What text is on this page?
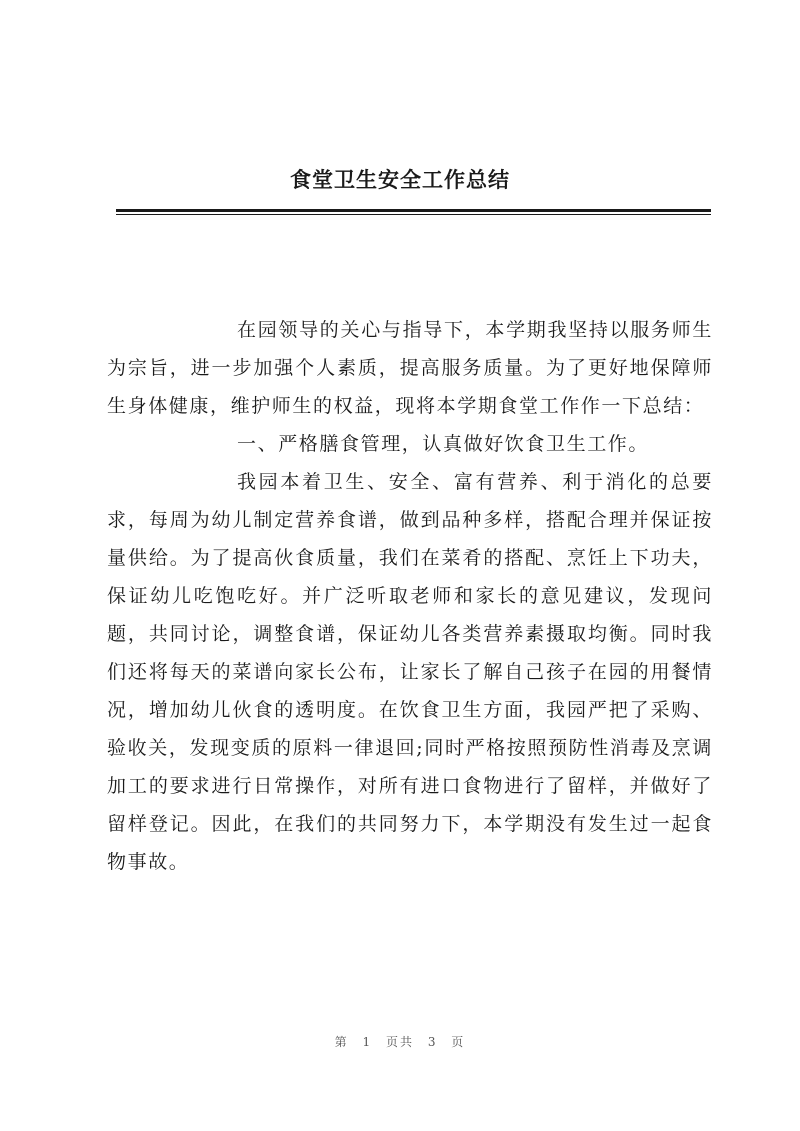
食堂卫生安全工作总结

在园领导的关心与指导下，本学期我坚持以服务师生为宗旨，进一步加强个人素质，提高服务质量。为了更好地保障师生身体健康，维护师生的权益，现将本学期食堂工作作一下总结：

一、严格膳食管理，认真做好饮食卫生工作。

我园本着卫生、安全、富有营养、利于消化的总要求，每周为幼儿制定营养食谱，做到品种多样，搭配合理并保证按量供给。为了提高伙食质量，我们在菜肴的搭配、烹饪上下功夫，保证幼儿吃饱吃好。并广泛听取老师和家长的意见建议，发现问题，共同讨论，调整食谱，保证幼儿各类营养素摄取均衡。同时我们还将每天的菜谱向家长公布，让家长了解自己孩子在园的用餐情况，增加幼儿伙食的透明度。在饮食卫生方面，我园严把了采购、验收关，发现变质的原料一律退回;同时严格按照预防性消毒及烹调加工的要求进行日常操作，对所有进口食物进行了留样，并做好了留样登记。因此，在我们的共同努力下，本学期没有发生过一起食物事故。

第 1 页共 3 页
